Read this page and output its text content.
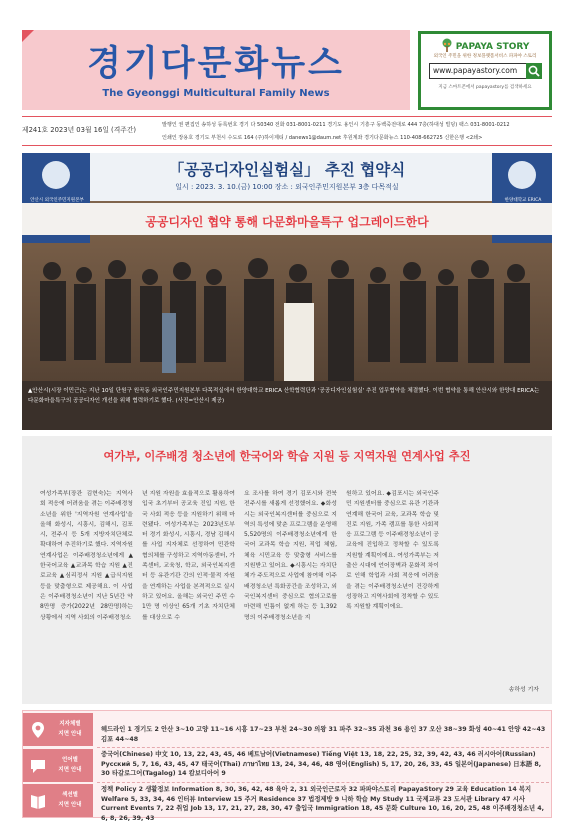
경기다문화뉴스
The Gyeonggi Multicultural Family News
PAPAYA STORY
외국인 주민을 위한 정보플랫폼서비스 파파야 스토리
www.papayastory.com
지금 스마트폰에서 papayastory를 검색하세요
제241호 2023년 03월 16일 (격주간)
발행인 권 편집인 송하성 등록번호 경기 다 50340 전화 031-8001-0211 경기도 용인시 기흥구 동백죽전대로 444 7층(하대성 빌딩) 팩스 031-8001-0212
인쇄인 장용호 경기도 부천시 수도로 164 (주)하이제티 / danews1@daum.net 후원계좌 경기다문화뉴스 110-408-662725 신한은행 <2쇄>
「공공디자인실험실」 추진 협약식
일시 : 2023. 3. 10.(금) 10:00 장소 : 외국인주민지원본부 3층 다목적실
안산시 외국인주민지원본부	한양대학교 ERICA
공공디자인 협약 통해 다문화마을특구 업그레이드한다
▲안산시(시장 이민근)는 지난 10일 단원구 원곡동 외국인주민지원본부 다목적실에서 한양대학교 ERICA 산학협력단과 '공공디자인실험실' 추진 업무협약을 체결했다. 이번 협약을 통해 안산시와 한양대 ERICA는 다문화마을특구의 공공디자인 개선을 위해 협력하기로 했다. (사진=안산시 제공)
여가부, 이주배경 청소년에 한국어와 학습 지원 등 지역자원 연계사업 추진
여성가족부(장관 김현숙)는 지역사회 적응에 어려움을 겪는 이주배경청소년을 위한 '지역자원 연계사업'을 올해 화성시, 시흥시, 김해시, 김포시, 전주시 등 5개 지방자치단체로 확대하여 추진하기로 했다. 지역자원 연계사업은 이주배경청소년에게 ▲한국어교육 ▲교과목 학습 지원 ▲진로교육 ▲심리정서 지원 ▲급식지원 등을 맞춤형으로 제공해요. 이 사업은 이주배경청소년이 지난 5년간 약 8만명 증가(2022년 28만명)하는 상황에서 지역 사회의 이주배경청소
년 지원 자원을 효율적으로 활용하여 입국 초기부터 공교육 진입 지원, 한국 사회 적응 등을 지원하기 위해 마련됐다. 여성가족부는 2023년도부터 경기 화성시, 시흥시, 경남 김해시를 사업 지자체로 선정하여 민관학 협의체를 구성하고 지역아동센터, 가족센터, 교육청, 학교, 외국인복지센터 등 유관기관 간의 인적·물적 자원을 연계하는 사업을 본격적으로 실시하고 있어요. 올해는 외국인 주민 수 1만 명 이상인 65개 기초 자치단체를 대상으로 수
요 조사를 하여 경기 김포시와 전북 전주시를 새롭게 선정했어요. ◆화성시는 외국인복지센터를 중심으로 지역의 특성에 맞춘 프로그램을 운영해 5,520명의 이주배경청소년에게 한국어 교과목 학습 지원, 직업 체험, 체육 시민교육 등 맞춤형 서비스를 지원받고 있어요. ◆시흥시는 자치단체가 주도적으로 사업에 참여해 이주배경청소년 특화공간을 조성하고, 외국인복지센터 중심으로 협의고로를 마련해 빈틈이 없게 하는 등 1,392명의 이주배경청소년을 지
원하고 있어요. ◆김포시는 외국인주민 지원센터를 중심으로 유관 기관과 연계해 한국어 교육, 교과목 학습 및 진로 지원, 가족 캠프를 통한 사회적응 프로그램 등 이주배경청소년이 공교육에 진입하고 정착할 수 있도록 지원할 계획이에요. 여성가족부는 저출산 시대에 언어장벽과 문화적 차이로 인해 학업과 사회 적응에 어려움을 겪는 이주배경청소년이 건강하게 성장하고 지역사회에 정착할 수 있도록 지원할 계획이에요.
송하성 기자
지자체별
지면 안내
헤드라인 1 경기도 2 안산 3~10 고양 11~16 시흥 17~23 부천 24~30 의왕 31 파주 32~35 과천 36 용인 37 오산 38~39 화성 40~41 안양 42~43 김포 44~48
언어별
지면 안내
중국어(Chinese) 中文 10, 13, 22, 43, 45, 46 베트남어(Vietnamese) Tiếng Việt 13, 18, 22, 25, 32, 39, 42, 43, 46 러시아어(Russian) Русский 5, 7, 16, 43, 45, 47 태국어(Thai) ภาษาไทย 13, 24, 34, 46, 48 영어(English) 5, 17, 20, 26, 33, 45 일본어(Japanese) 日本語 8, 30 타갈로그어(Tagalog) 14 캄보디아어 9
섹션별
지면 안내
정책 Policy 2 생활정보 Information 8, 30, 36, 42, 48 육아 2, 31 외국인근로자 32 파파야스토리 PapayaStory 29 교육 Education 14 복지 Welfare 5, 33, 34, 46 인터뷰 Interview 15 주거 Residence 37 법정제방 9 니하 학습 My Study 11 국제교류 23 도서관 Library 47 시사 Current Events 7, 22 취업 Job 13, 17, 21, 27, 28, 30, 47 출입국 Immigration 18, 45 문화 Culture 10, 16, 20, 25, 48 이주배경청소년 4, 6, 8, 26, 39, 43
